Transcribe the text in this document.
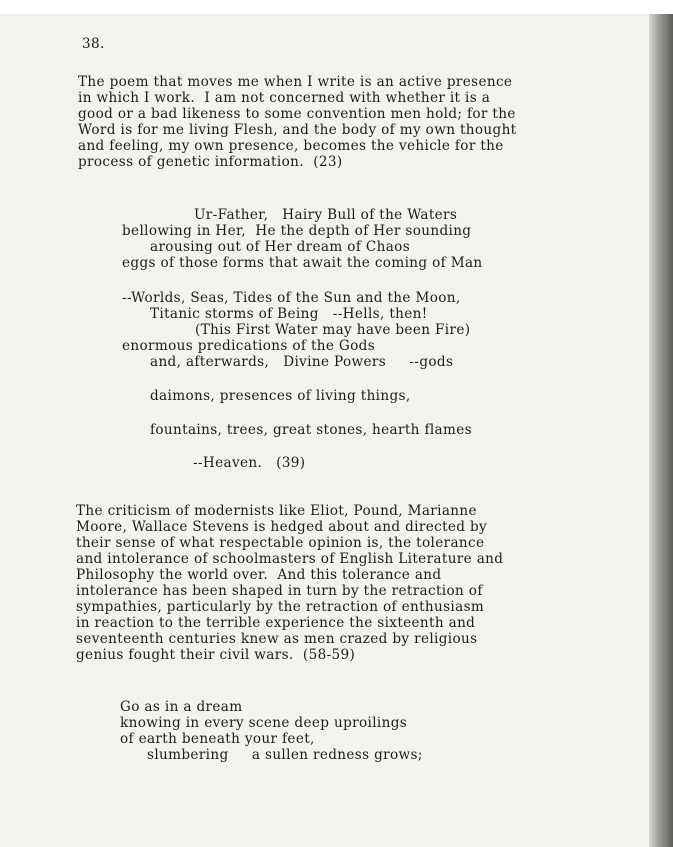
38.
The poem that moves me when I write is an active presence
in which I work.  I am not concerned with whether it is a
good or a bad likeness to some convention men hold; for the
Word is for me living Flesh, and the body of my own thought
and feeling, my own presence, becomes the vehicle for the
process of genetic information.  (23)
Ur-Father,   Hairy Bull of the Waters
bellowing in Her,  He the depth of Her sounding
arousing out of Her dream of Chaos
eggs of those forms that await the coming of Man
--Worlds, Seas, Tides of the Sun and the Moon,
Titanic storms of Being   --Hells, then!
(This First Water may have been Fire)
enormous predications of the Gods
and, afterwards,   Divine Powers     --gods
daimons, presences of living things,
fountains, trees, great stones, hearth flames
--Heaven.   (39)
The criticism of modernists like Eliot, Pound, Marianne
Moore, Wallace Stevens is hedged about and directed by
their sense of what respectable opinion is, the tolerance
and intolerance of schoolmasters of English Literature and
Philosophy the world over.  And this tolerance and
intolerance has been shaped in turn by the retraction of
sympathies, particularly by the retraction of enthusiasm
in reaction to the terrible experience the sixteenth and
seventeenth centuries knew as men crazed by religious
genius fought their civil wars.  (58-59)
Go as in a dream
knowing in every scene deep uproilings
of earth beneath your feet,
slumbering     a sullen redness grows;
